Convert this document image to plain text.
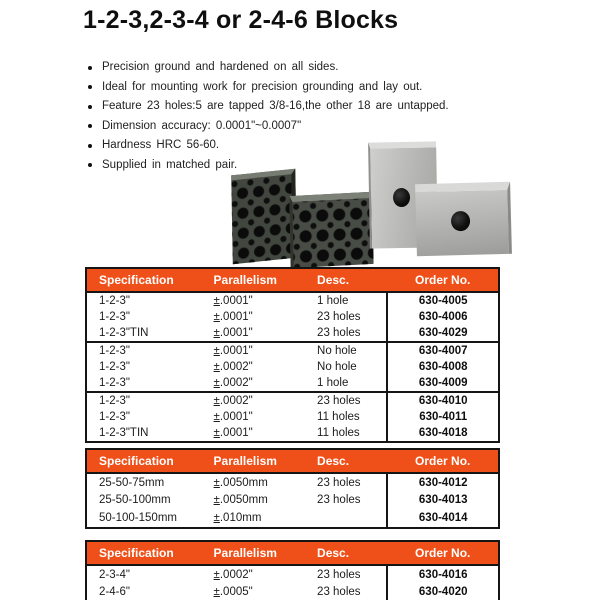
1-2-3,2-3-4 or 2-4-6 Blocks
Precision ground and hardened on all sides.
Ideal for mounting work for precision grounding and lay out.
Feature 23 holes:5 are tapped 3/8-16,the other 18 are untapped.
Dimension accuracy: 0.0001"~0.0007"
Hardness HRC 56-60.
Supplied in matched pair.
Specification	Parallelism	Desc.	Order No.
1-2-3"	±.0001"	1 hole	630-4005
1-2-3"	±.0001"	23 holes	630-4006
1-2-3"TIN	±.0001"	23 holes	630-4029
1-2-3"	±.0001"	No hole	630-4007
1-2-3"	±.0002"	No hole	630-4008
1-2-3"	±.0002"	1 hole	630-4009
1-2-3"	±.0002"	23 holes	630-4010
1-2-3"	±.0001"	11 holes	630-4011
1-2-3"TIN	±.0001"	11 holes	630-4018
Specification	Parallelism	Desc.	Order No.
25-50-75mm	±.0050mm	23 holes	630-4012
25-50-100mm	±.0050mm	23 holes	630-4013
50-100-150mm	±.010mm		630-4014
Specification	Parallelism	Desc.	Order No.
2-3-4"	±.0002"	23 holes	630-4016
2-4-6"	±.0005"	23 holes	630-4020
